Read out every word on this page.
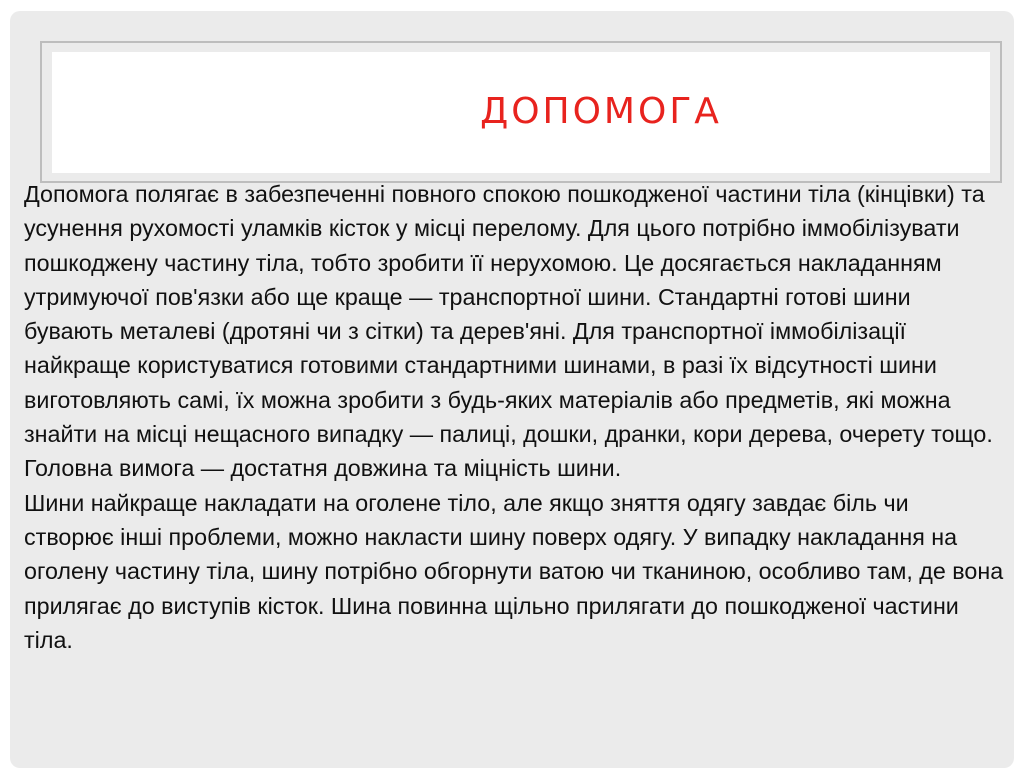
ДОПОМОГА

Допомога полягає в забезпеченні повного спокою пошкодженої частини тіла (кінцівки) та усунення рухомості уламків кісток у місці перелому. Для цього потрібно іммобілізувати пошкоджену частину тіла, тобто зробити її нерухомою. Це досягається накладанням утримуючої пов'язки або ще краще — транспортної шини. Стандартні готові шини бувають металеві (дротяні чи з сітки) та дерев'яні. Для транспортної іммобілізації найкраще користуватися готовими стандартними шинами, в разі їх відсутності шини виготовляють самі, їх можна зробити з будь-яких матеріалів або предметів, які можна знайти на місці нещасного випадку — палиці, дошки, дранки, кори дерева, очерету тощо. Головна вимога — достатня довжина та міцність шини.

Шини найкраще накладати на оголене тіло, але якщо зняття одягу завдає біль чи створює інші проблеми, можно накласти шину поверх одягу. У випадку накладання на оголену частину тіла, шину потрібно обгорнути ватою чи тканиною, особливо там, де вона прилягає до виступів кісток. Шина повинна щільно прилягати до пошкодженої частини тіла.
